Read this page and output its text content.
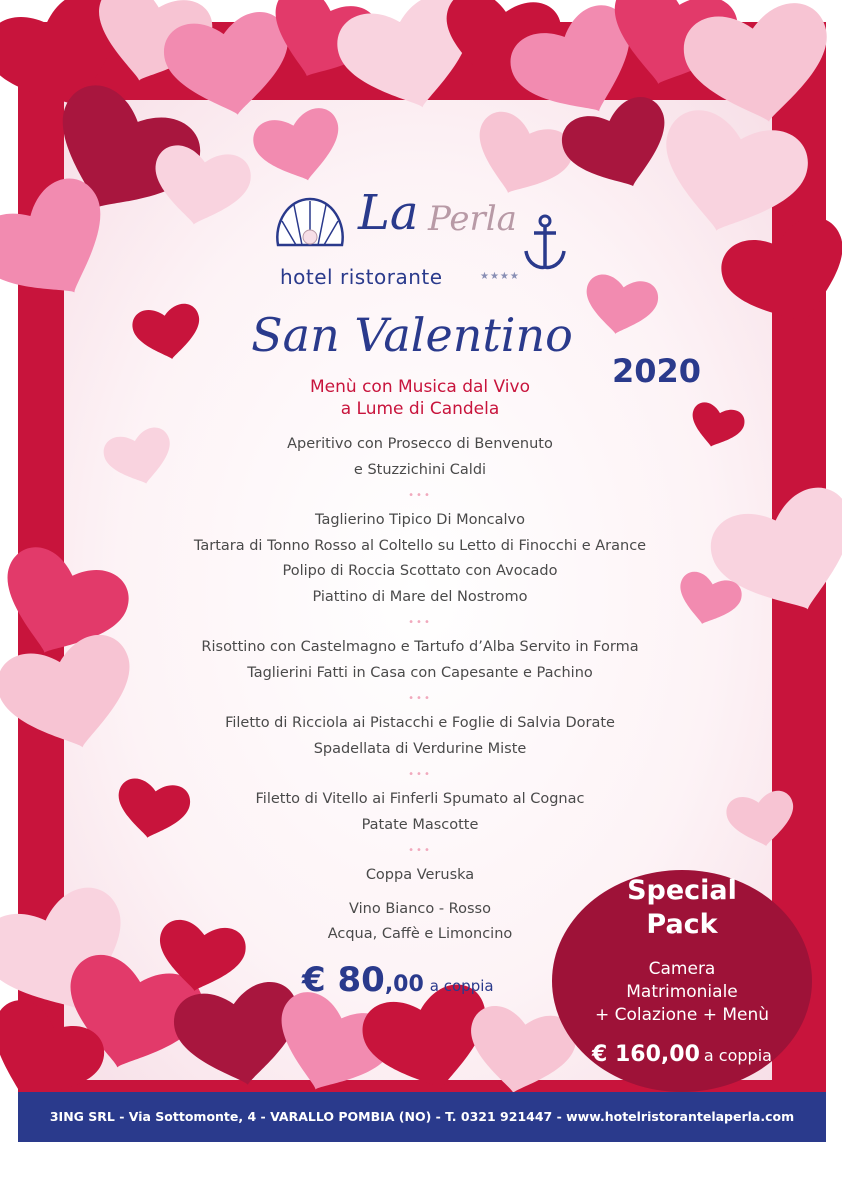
La Perla
hotel ristorante	★★★★
San Valentino
2020
Menù con Musica dal Vivo
a Lume di Candela
Aperitivo con Prosecco di Benvenuto
e Stuzzichini Caldi
•••
Taglierino Tipico Di Moncalvo
Tartara di Tonno Rosso al Coltello su Letto di Finocchi e Arance
Polipo di Roccia Scottato con Avocado
Piattino di Mare del Nostromo
•••
Risottino con Castelmagno e Tartufo d’Alba Servito in Forma
Taglierini Fatti in Casa con Capesante e Pachino
•••
Filetto di Ricciola ai Pistacchi e Foglie di Salvia Dorate
Spadellata di Verdurine Miste
•••
Filetto di Vitello ai Finferli Spumato al Cognac
Patate Mascotte
•••
Coppa Veruska
Vino Bianco - Rosso
Acqua, Caffè e Limoncino
€ 80,00 a coppia
Special
Pack
Camera
Matrimoniale
+ Colazione + Menù
€ 160,00 a coppia
3ING SRL - Via Sottomonte, 4 - VARALLO POMBIA (NO) - T. 0321 921447 - www.hotelristorantelaperla.com
